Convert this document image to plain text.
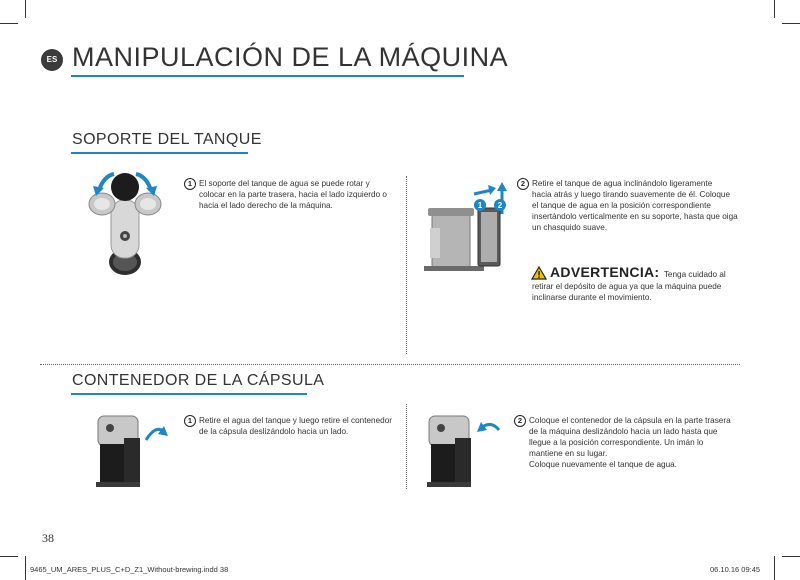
ES MANIPULACIÓN DE LA MÁQUINA
SOPORTE DEL TANQUE
1 El soporte del tanque de agua se puede rotar y
colocar en la parte trasera, hacia el lado izquierdo o
hacia el lado derecho de la máquina.	1 2
2 Retire el tanque de agua inclinándolo ligeramente
hacia atrás y luego tirando suavemente de él. Coloque
el tanque de agua en la posición correspondiente
insertándolo verticalmente en su soporte, hasta que oiga
un chasquido suave.
ADVERTENCIA: Tenga cuidado al
retirar el depósito de agua ya que la máquina puede
inclinarse durante el movimiento.
CONTENEDOR DE LA CÁPSULA
1 Retire el agua del tanque y luego retire el contenedor
de la cápsula deslizándolo hacia un lado.
2 Coloque el contenedor de la cápsula en la parte trasera
de la máquina deslizándolo hacia un lado hasta que
llegue a la posición correspondiente. Un imán lo
mantiene en su lugar.
Coloque nuevamente el tanque de agua.
38
9465_UM_ARES_PLUS_C+D_Z1_Without-brewing.indd 38	06.10.16 09:45
